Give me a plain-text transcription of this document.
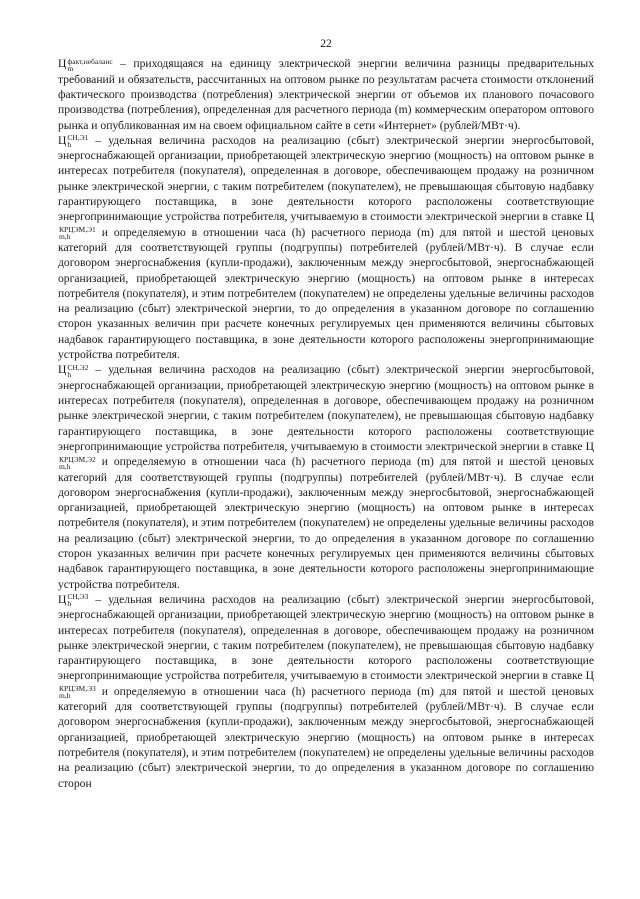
22

Ц факт,небаланс
m	– приходящаяся на единицу электрической энергии величина разницы предварительных требований и обязательств, рассчитанных на оптовом рынке по результатам расчета стоимости отклонений фактического производства (потребления) электрической энергии от объемов их планового почасового производства (потребления), определенная для расчетного периода (m) коммерческим оператором оптового рынка и опубликованная им на своем официальном сайте в сети «Интернет» (рублей/МВт·ч).

Ц СН,Э1
h	– удельная величина расходов на реализацию (сбыт) электрической энергии энергосбытовой, энергоснабжающей организации, приобретающей электрическую энергию (мощность) на оптовом рынке в интересах потребителя (покупателя), определенная в договоре, обеспечивающем продажу на розничном рынке электрической энергии, с таким потребителем (покупателем), не превышающая сбытовую надбавку гарантирующего поставщика, в зоне деятельности которого расположены соответствующие энергопринимающие устройства потребителя, учитываемую в стоимости электрической энергии в ставке Ц
КРЦЭМ,Э1
m,h	и определяемую в отношении часа (h) расчетного периода (m) для пятой и шестой ценовых категорий для соответствующей группы (подгруппы) потребителей (рублей/МВт·ч). В случае если договором энергоснабжения (купли-продажи), заключенным между энергосбытовой, энергоснабжающей организацией, приобретающей электрическую энергию (мощность) на оптовом рынке в интересах потребителя (покупателя), и этим потребителем (покупателем) не определены удельные величины расходов на реализацию (сбыт) электрической энергии, то до определения в указанном договоре по соглашению сторон указанных величин при расчете конечных регулируемых цен применяются величины сбытовых надбавок гарантирующего поставщика, в зоне деятельности которого расположены энергопринимающие устройства потребителя.

Ц СН,Э2
h	– удельная величина расходов на реализацию (сбыт) электрической энергии энергосбытовой, энергоснабжающей организации, приобретающей электрическую энергию (мощность) на оптовом рынке в интересах потребителя (покупателя), определенная в договоре, обеспечивающем продажу на розничном рынке электрической энергии, с таким потребителем (покупателем), не превышающая сбытовую надбавку гарантирующего поставщика, в зоне деятельности которого расположены соответствующие энергопринимающие устройства потребителя, учитываемую в стоимости электрической энергии в ставке Ц
КРЦЭМ,Э2
m,h	и определяемую в отношении часа (h) расчетного периода (m) для пятой и шестой ценовых категорий для соответствующей группы (подгруппы) потребителей (рублей/МВт·ч). В случае если договором энергоснабжения (купли-продажи), заключенным между энергосбытовой, энергоснабжающей организацией, приобретающей электрическую энергию (мощность) на оптовом рынке в интересах потребителя (покупателя), и этим потребителем (покупателем) не определены удельные величины расходов на реализацию (сбыт) электрической энергии, то до определения в указанном договоре по соглашению сторон указанных величин при расчете конечных регулируемых цен применяются величины сбытовых надбавок гарантирующего поставщика, в зоне деятельности которого расположены энергопринимающие устройства потребителя.

Ц СН,Э3
h	– удельная величина расходов на реализацию (сбыт) электрической энергии энергосбытовой, энергоснабжающей организации, приобретающей электрическую энергию (мощность) на оптовом рынке в интересах потребителя (покупателя), определенная в договоре, обеспечивающем продажу на розничном рынке электрической энергии, с таким потребителем (покупателем), не превышающая сбытовую надбавку гарантирующего поставщика, в зоне деятельности которого расположены соответствующие энергопринимающие устройства потребителя, учитываемую в стоимости электрической энергии в ставке Ц
КРЦЭМ,Э3
m,h	и определяемую в отношении часа (h) расчетного периода (m) для пятой и шестой ценовых категорий для соответствующей группы (подгруппы) потребителей (рублей/МВт·ч). В случае если договором энергоснабжения (купли-продажи), заключенным между энергосбытовой, энергоснабжающей организацией, приобретающей электрическую энергию (мощность) на оптовом рынке в интересах потребителя (покупателя), и этим потребителем (покупателем) не определены удельные величины расходов на реализацию (сбыт) электрической энергии, то до определения в указанном договоре по соглашению сторон
